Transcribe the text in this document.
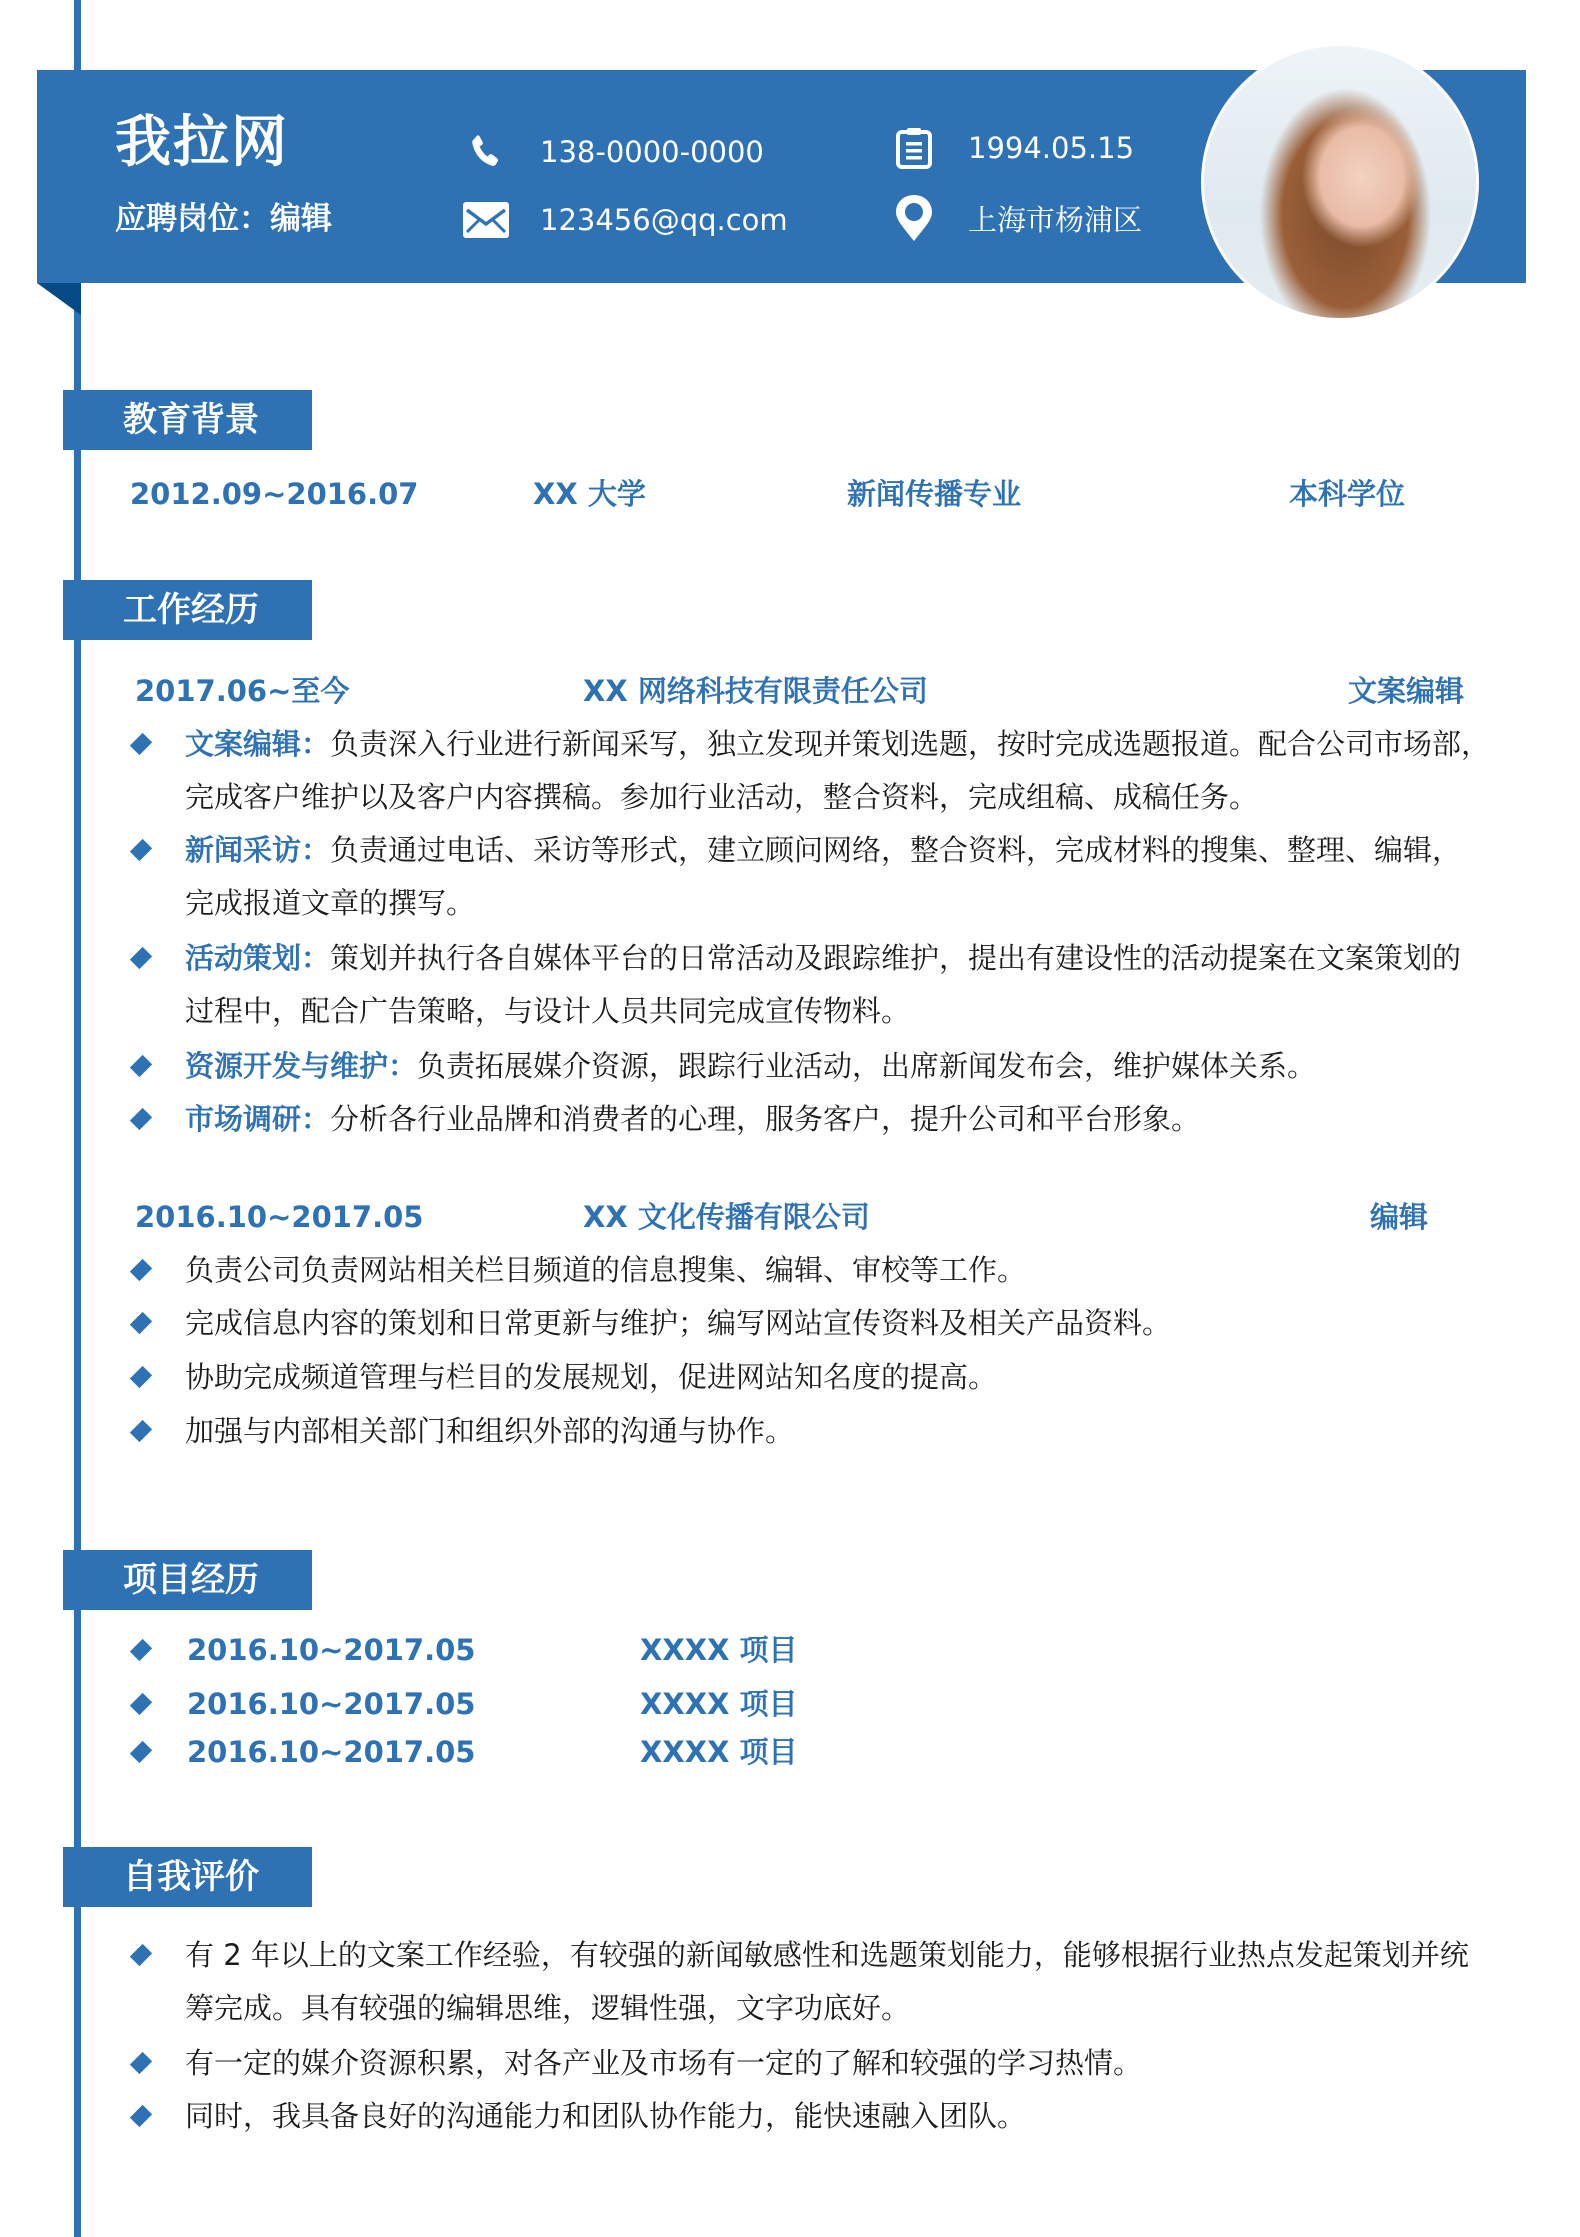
我拉网
应聘岗位：编辑
138-0000-0000
123456@qq.com
1994.05.15
上海市杨浦区
教育背景
2012.09~2016.07	XX 大学	新闻传播专业	本科学位
工作经历
2017.06~至今	XX 网络科技有限责任公司	文案编辑
文案编辑：负责深入行业进行新闻采写，独立发现并策划选题，按时完成选题报道。配合公司市场部，
完成客户维护以及客户内容撰稿。参加行业活动，整合资料，完成组稿、成稿任务。
新闻采访：负责通过电话、采访等形式，建立顾问网络，整合资料，完成材料的搜集、整理、编辑，
完成报道文章的撰写。
活动策划：策划并执行各自媒体平台的日常活动及跟踪维护，提出有建设性的活动提案在文案策划的
过程中，配合广告策略，与设计人员共同完成宣传物料。
资源开发与维护：负责拓展媒介资源，跟踪行业活动，出席新闻发布会，维护媒体关系。
市场调研：分析各行业品牌和消费者的心理，服务客户，提升公司和平台形象。
2016.10~2017.05	XX 文化传播有限公司	编辑
负责公司负责网站相关栏目频道的信息搜集、编辑、审校等工作。
完成信息内容的策划和日常更新与维护；编写网站宣传资料及相关产品资料。
协助完成频道管理与栏目的发展规划，促进网站知名度的提高。
加强与内部相关部门和组织外部的沟通与协作。
项目经历
2016.10~2017.05	XXXX 项目
2016.10~2017.05	XXXX 项目
2016.10~2017.05	XXXX 项目
自我评价
有 2 年以上的文案工作经验，有较强的新闻敏感性和选题策划能力，能够根据行业热点发起策划并统
筹完成。具有较强的编辑思维，逻辑性强，文字功底好。
有一定的媒介资源积累，对各产业及市场有一定的了解和较强的学习热情。
同时，我具备良好的沟通能力和团队协作能力，能快速融入团队。
